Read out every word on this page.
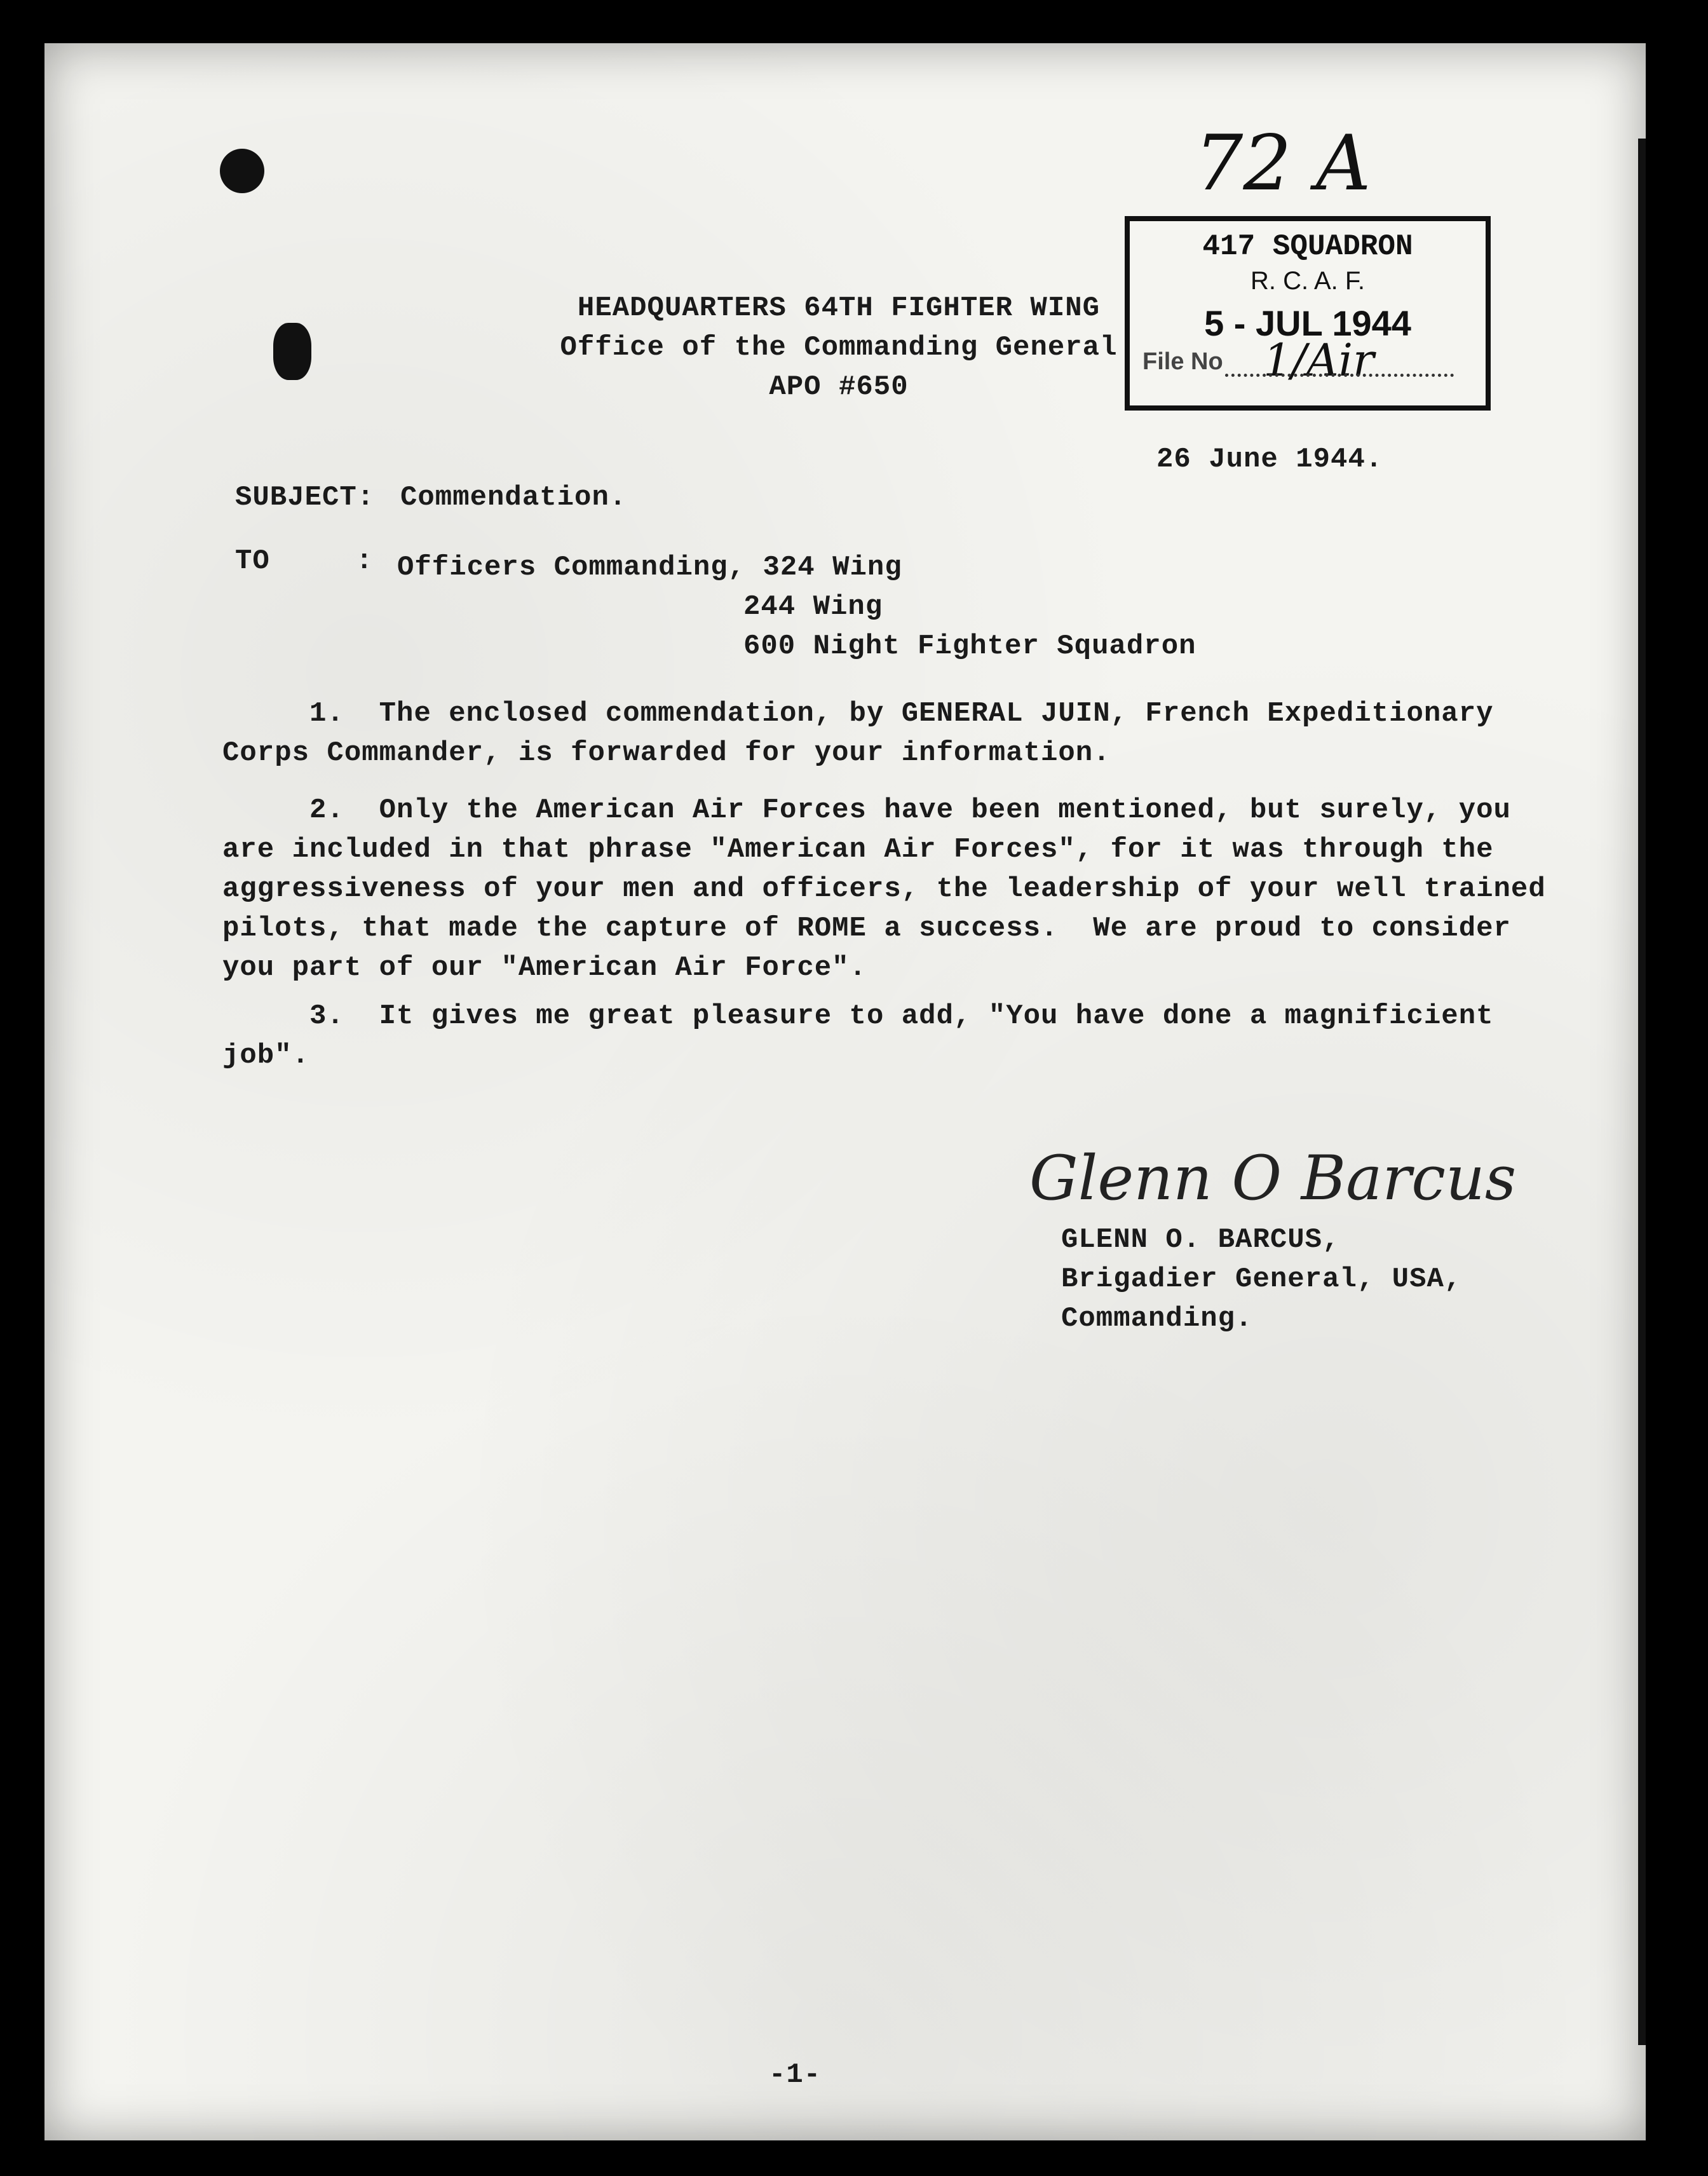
72 A
417 SQUADRON
R. C. A. F.
5 - JUL 1944
File No 1/Air
HEADQUARTERS 64TH FIGHTER WING
Office of the Commanding General
APO #650
26 June 1944.
SUBJECT: Commendation.
TO	: Officers Commanding, 324 Wing
244 Wing
600 Night Fighter Squadron
1.  The enclosed commendation, by GENERAL JUIN, French Expeditionary
Corps Commander, is forwarded for your information.
2.  Only the American Air Forces have been mentioned, but surely, you
are included in that phrase "American Air Forces", for it was through the
aggressiveness of your men and officers, the leadership of your well trained
pilots, that made the capture of ROME a success.  We are proud to consider
you part of our "American Air Force".
3.  It gives me great pleasure to add, "You have done a magnificient
job".
Glenn O Barcus
GLENN O. BARCUS,
Brigadier General, USA,
Commanding.
-1-
